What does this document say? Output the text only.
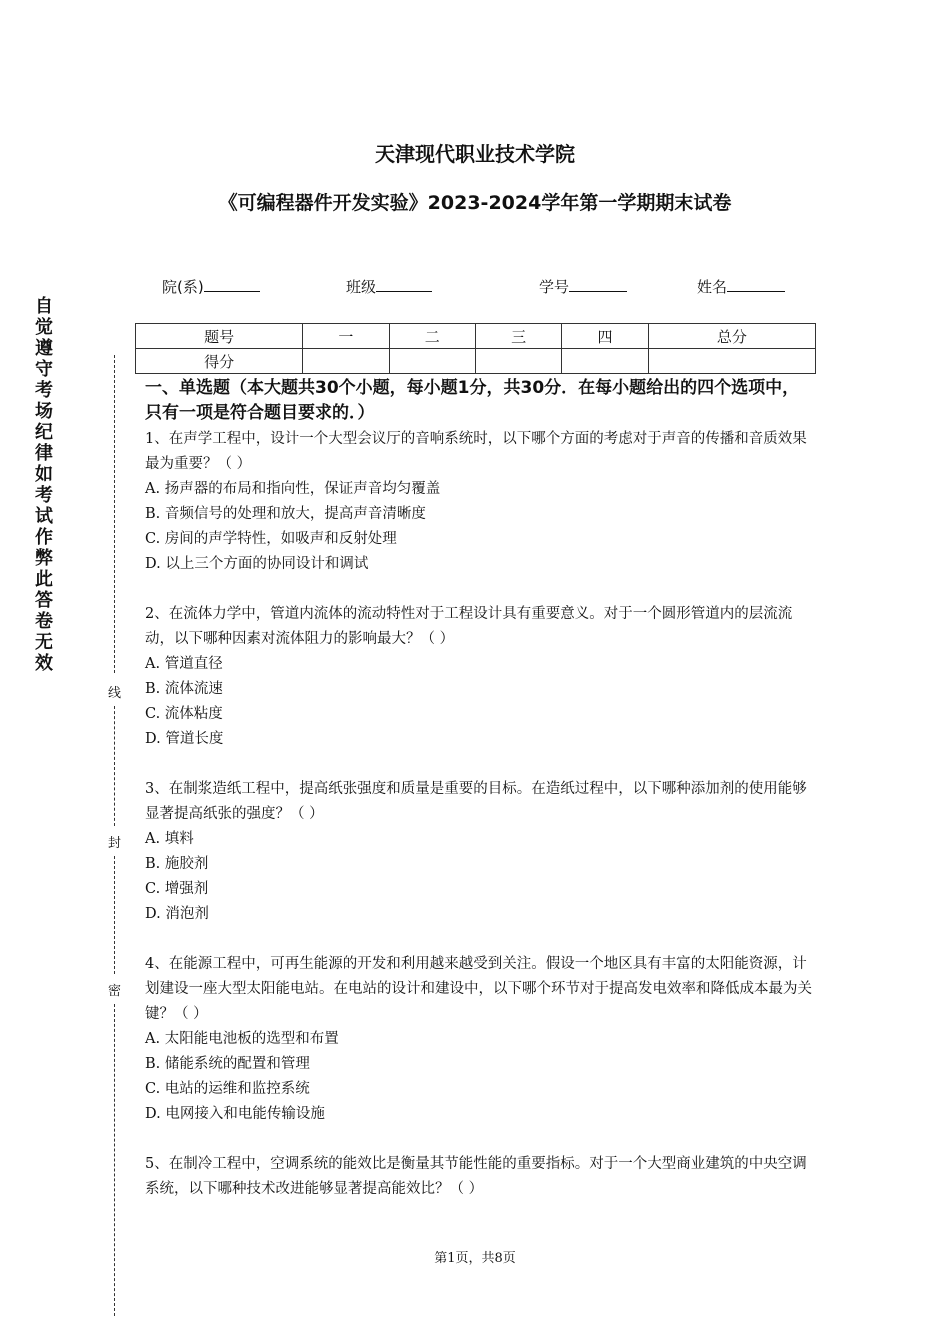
天津现代职业技术学院
《可编程器件开发实验》2023-2024学年第一学期期末试卷
院(系)	班级	学号	姓名
题号	一	二	三	四	总分
得分					
自
觉
遵
守
考
场
纪
律
如
考
试
作
弊
此
答
卷
无
效
线
封
密
一、单选题（本大题共30个小题，每小题1分，共30分．在每小题给出的四个选项中，只有一项是符合题目要求的．）
1、在声学工程中，设计一个大型会议厅的音响系统时，以下哪个方面的考虑对于声音的传播和音质效果最为重要？（ ）
A. 扬声器的布局和指向性，保证声音均匀覆盖
B. 音频信号的处理和放大，提高声音清晰度
C. 房间的声学特性，如吸声和反射处理
D. 以上三个方面的协同设计和调试
2、在流体力学中，管道内流体的流动特性对于工程设计具有重要意义。对于一个圆形管道内的层流流动，以下哪种因素对流体阻力的影响最大？（ ）
A. 管道直径
B. 流体流速
C. 流体粘度
D. 管道长度
3、在制浆造纸工程中，提高纸张强度和质量是重要的目标。在造纸过程中，以下哪种添加剂的使用能够显著提高纸张的强度？（ ）
A. 填料
B. 施胶剂
C. 增强剂
D. 消泡剂
4、在能源工程中，可再生能源的开发和利用越来越受到关注。假设一个地区具有丰富的太阳能资源，计划建设一座大型太阳能电站。在电站的设计和建设中，以下哪个环节对于提高发电效率和降低成本最为关键？（ ）
A. 太阳能电池板的选型和布置
B. 储能系统的配置和管理
C. 电站的运维和监控系统
D. 电网接入和电能传输设施
5、在制冷工程中，空调系统的能效比是衡量其节能性能的重要指标。对于一个大型商业建筑的中央空调系统，以下哪种技术改进能够显著提高能效比？（ ）
第1页，共8页
